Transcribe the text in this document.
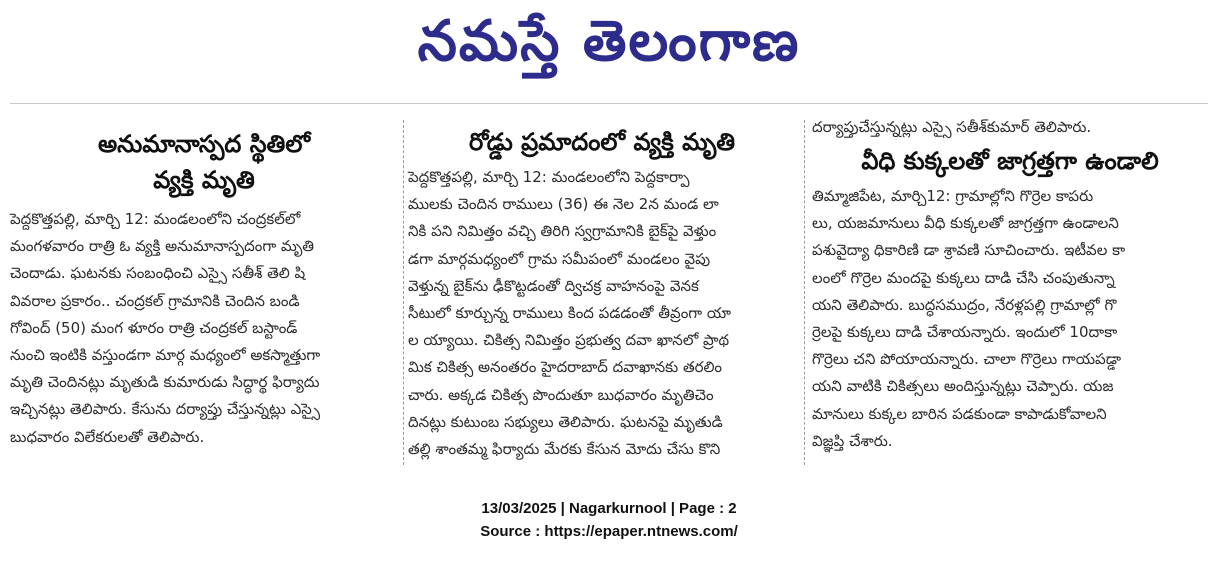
నమస్తే తెలంగాణ

అనుమానాస్పద స్థితిలో

వ్యక్తి మృతి

పెద్దకొత్తపల్లి, మార్చి 12: మండలంలోని చంద్రకల్‌లో

మంగళవారం రాత్రి ఓ వ్యక్తి అనుమానాస్పదంగా మృతి

చెందాడు. ఘటనకు సంబంధించి ఎస్సై సతీశ్ తెలి షి

వివరాల ప్రకారం.. చంద్రకల్ గ్రామానికి చెందిన బండి

గోవింద్ (50) మంగ ళూరం రాత్రి చంద్రకల్ బస్టాండ్

నుంచి ఇంటికి వస్తుండగా మార్గ మధ్యంలో అకస్మాత్తుగా

మృతి చెందినట్లు మృతుడి కుమారుడు సిద్ధార్థ ఫిర్యాదు

ఇచ్చినట్లు తెలిపారు. కేసును దర్యాప్తు చేస్తున్నట్లు ఎస్సై

బుధవారం విలేకరులతో తెలిపారు.

రోడ్డు ప్రమాదంలో వ్యక్తి మృతి

పెద్దకొత్తపల్లి, మార్చి 12: మండలంలోని పెద్దకార్పా

ములకు చెందిన రాములు (36) ఈ నెల 2న మండ లా

నికి పని నిమిత్తం వచ్చి తిరిగి స్వగ్రామానికి బైక్‌పై వెళ్తుం

డగా మార్గమధ్యంలో గ్రామ సమీపంలో మండలం వైపు

వెళ్తున్న బైక్‌ను ఢీకొట్టడంతో ద్విచక్ర వాహనంపై వెనక

సీటులో కూర్చున్న రాములు కింద పడడంతో తీవ్రంగా యా

ల య్యాయి. చికిత్స నిమిత్తం ప్రభుత్వ దవా ఖానలో ప్రాథ

మిక చికిత్స అనంతరం హైదరాబాద్ దవాఖానకు తరలిం

చారు. అక్కడ చికిత్స పొందుతూ బుధవారం మృతిచెం

దినట్లు కుటుంబ సభ్యులు తెలిపారు. ఘటనపై మృతుడి

తల్లి శాంతమ్మ ఫిర్యాదు మేరకు కేసున మోదు చేసు కొని

దర్యాప్తుచేస్తున్నట్లు ఎస్సై సతీశ్‌కుమార్ తెలిపారు.

వీధి కుక్కలతో జాగ్రత్తగా ఉండాలి

తిమ్మాజిపేట, మార్చి12: గ్రామాల్లోని గొర్రెల కాపరు

లు, యజమానులు వీధి కుక్కలతో జాగ్రత్తగా ఉండాలని

పశువైద్యా ధికారిణి డా శ్రావణి సూచించారు. ఇటీవల కా

లంలో గొర్రెల మందపై కుక్కలు దాడి చేసి చంపుతున్నా

యని తెలిపారు. బుద్ధసముద్రం, నేరళ్లపల్లి గ్రామాల్లో గొ

ర్రెలపై కుక్కలు దాడి చేశాయన్నారు. ఇందులో 10దాకా

గొర్రెలు చని పోయాయన్నారు. చాలా గొర్రెలు గాయపడ్డా

యని వాటికి చికిత్సలు అందిస్తున్నట్లు చెప్పారు. యజ

మానులు కుక్కల బారిన పడకుండా కాపాడుకోవాలని

విజ్ఞప్తి చేశారు.

13/03/2025 | Nagarkurnool | Page : 2
Source : https://epaper.ntnews.com/
